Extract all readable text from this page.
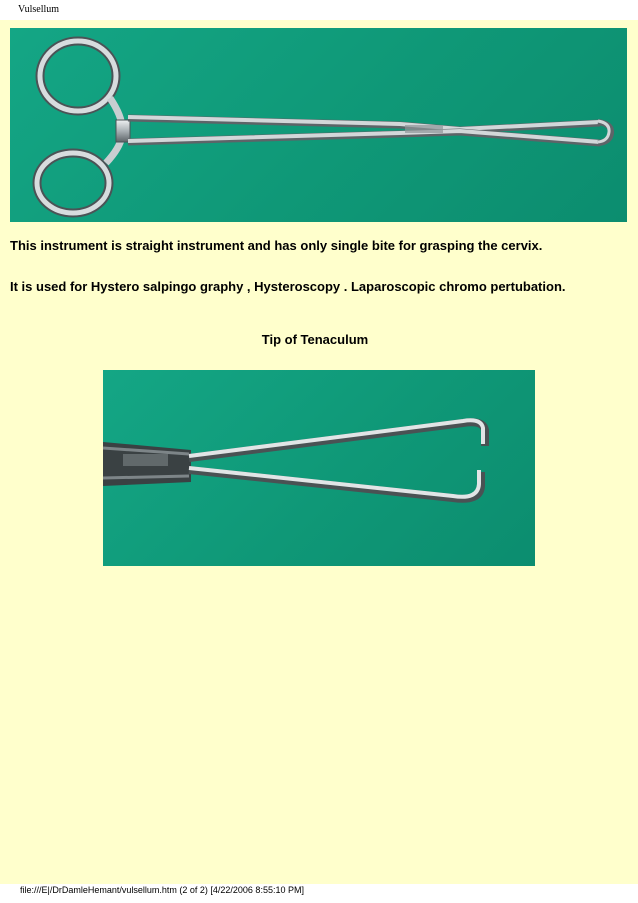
Vulsellum

This instrument is straight instrument and has only single bite for grasping the cervix.

It is used for Hystero salpingo graphy , Hysteroscopy . Laparoscopic chromo pertubation.

Tip of Tenaculum
file:///E|/DrDamleHemant/vulsellum.htm (2 of 2) [4/22/2006 8:55:10 PM]
